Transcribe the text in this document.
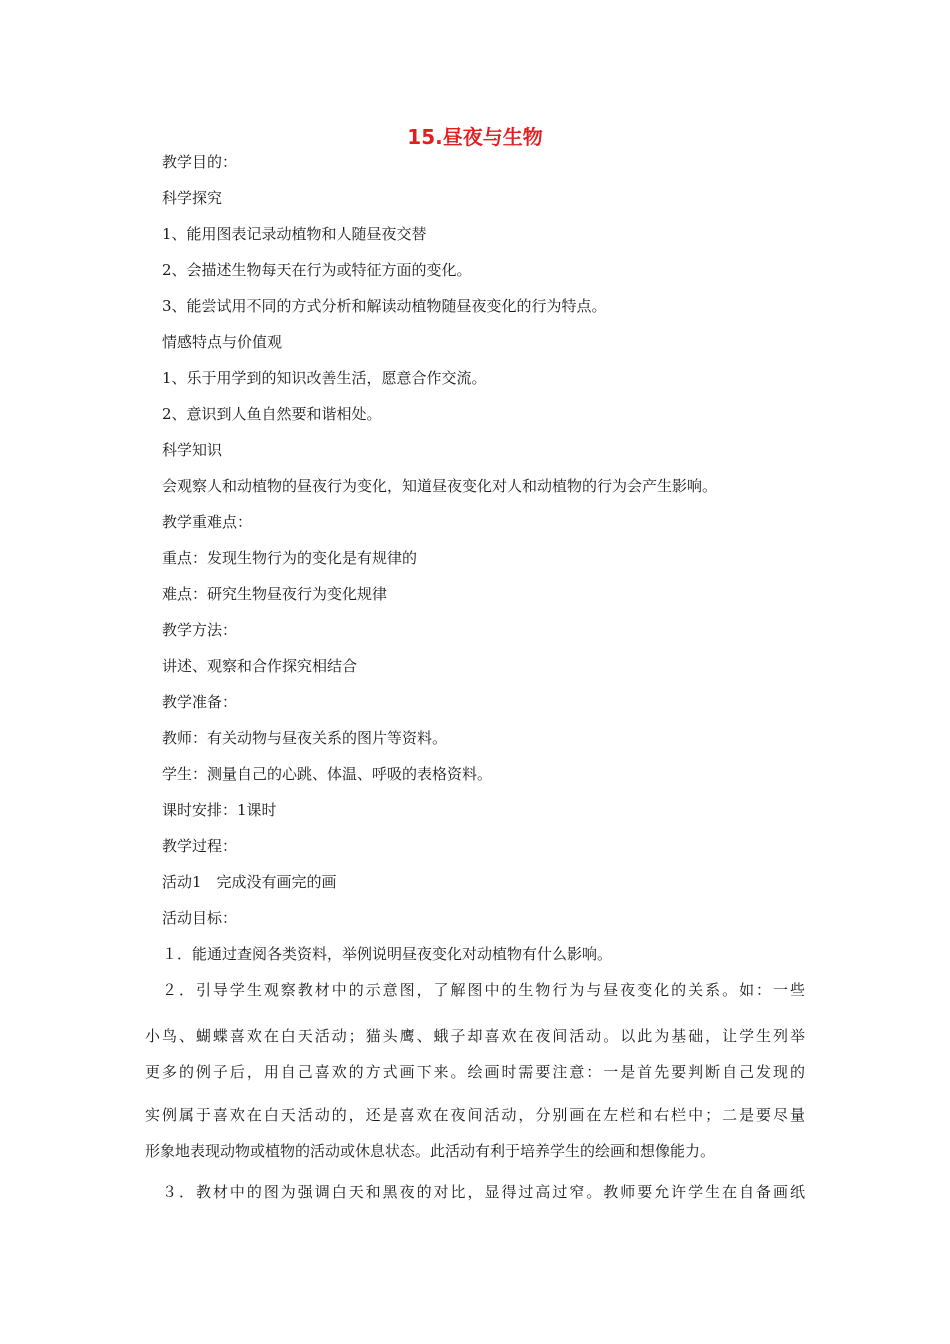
15.昼夜与生物

教学目的：

科学探究

1、能用图表记录动植物和人随昼夜交替

2、会描述生物每天在行为或特征方面的变化。

3、能尝试用不同的方式分析和解读动植物随昼夜变化的行为特点。

情感特点与价值观

1、乐于用学到的知识改善生活，愿意合作交流。

2、意识到人鱼自然要和谐相处。

科学知识

会观察人和动植物的昼夜行为变化，知道昼夜变化对人和动植物的行为会产生影响。

教学重难点：

重点：发现生物行为的变化是有规律的

难点：研究生物昼夜行为变化规律

教学方法：

讲述、观察和合作探究相结合

教学准备：

教师：有关动物与昼夜关系的图片等资料。

学生：测量自己的心跳、体温、呼吸的表格资料。

课时安排：1课时

教学过程：

活动1　完成没有画完的画

活动目标：

１．能通过查阅各类资料，举例说明昼夜变化对动植物有什么影响。

２．引导学生观察教材中的示意图，了解图中的生物行为与昼夜变化的关系。如：一些

小鸟、蝴蝶喜欢在白天活动；猫头鹰、蛾子却喜欢在夜间活动。以此为基础，让学生列举

更多的例子后，用自己喜欢的方式画下来。绘画时需要注意：一是首先要判断自己发现的

实例属于喜欢在白天活动的，还是喜欢在夜间活动，分别画在左栏和右栏中；二是要尽量

形象地表现动物或植物的活动或休息状态。此活动有利于培养学生的绘画和想像能力。

３．教材中的图为强调白天和黑夜的对比，显得过高过窄。教师要允许学生在自备画纸
